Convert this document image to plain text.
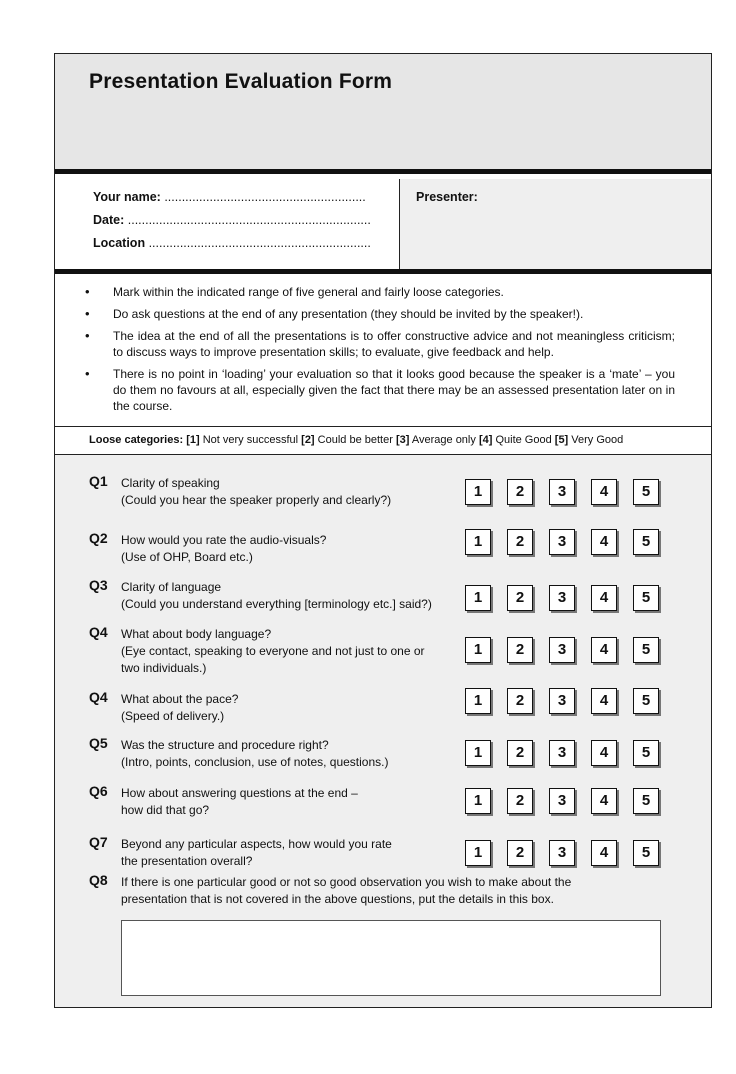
Presentation Evaluation Form
Your name: ..........................................................
Date: ......................................................................
Location ................................................................
Presenter:
• Mark within the indicated range of five general and fairly loose categories.
• Do ask questions at the end of any presentation (they should be invited by the speaker!).
• The idea at the end of all the presentations is to offer constructive advice and not meaningless criticism; to discuss ways to improve presentation skills; to evaluate, give feedback and help.
• There is no point in ‘loading’ your evaluation so that it looks good because the speaker is a ‘mate’ – you do them no favours at all, especially given the fact that there may be an assessed presentation later on in the course.
Loose categories: [1] Not very successful [2] Could be better [3] Average only [4] Quite Good [5] Very Good
Q8 If there is one particular good or not so good observation you wish to make about the
presentation that is not covered in the above questions, put the details in this box.
Q1 Clarity of speaking
(Could you hear the speaker properly and clearly?)	1	2	3	4	5
Q2 How would you rate the audio-visuals?
(Use of OHP, Board etc.)
1	2	3	4	5
Q3 Clarity of language
(Could you understand everything [terminology etc.] said?)	1	2	3	4	5
Q4 What about body language?
(Eye contact, speaking to everyone and not just to one or
two individuals.)
1	2	3	4	5
Q4 What about the pace?
(Speed of delivery.)
1	2	3	4	5
Q5 Was the structure and procedure right?
(Intro, points, conclusion, use of notes, questions.)
1	2	3	4	5
Q6 How about answering questions at the end –
how did that go?
1	2	3	4	5
Q7 Beyond any particular aspects, how would you rate
the presentation overall?	1	2	3	4	5
